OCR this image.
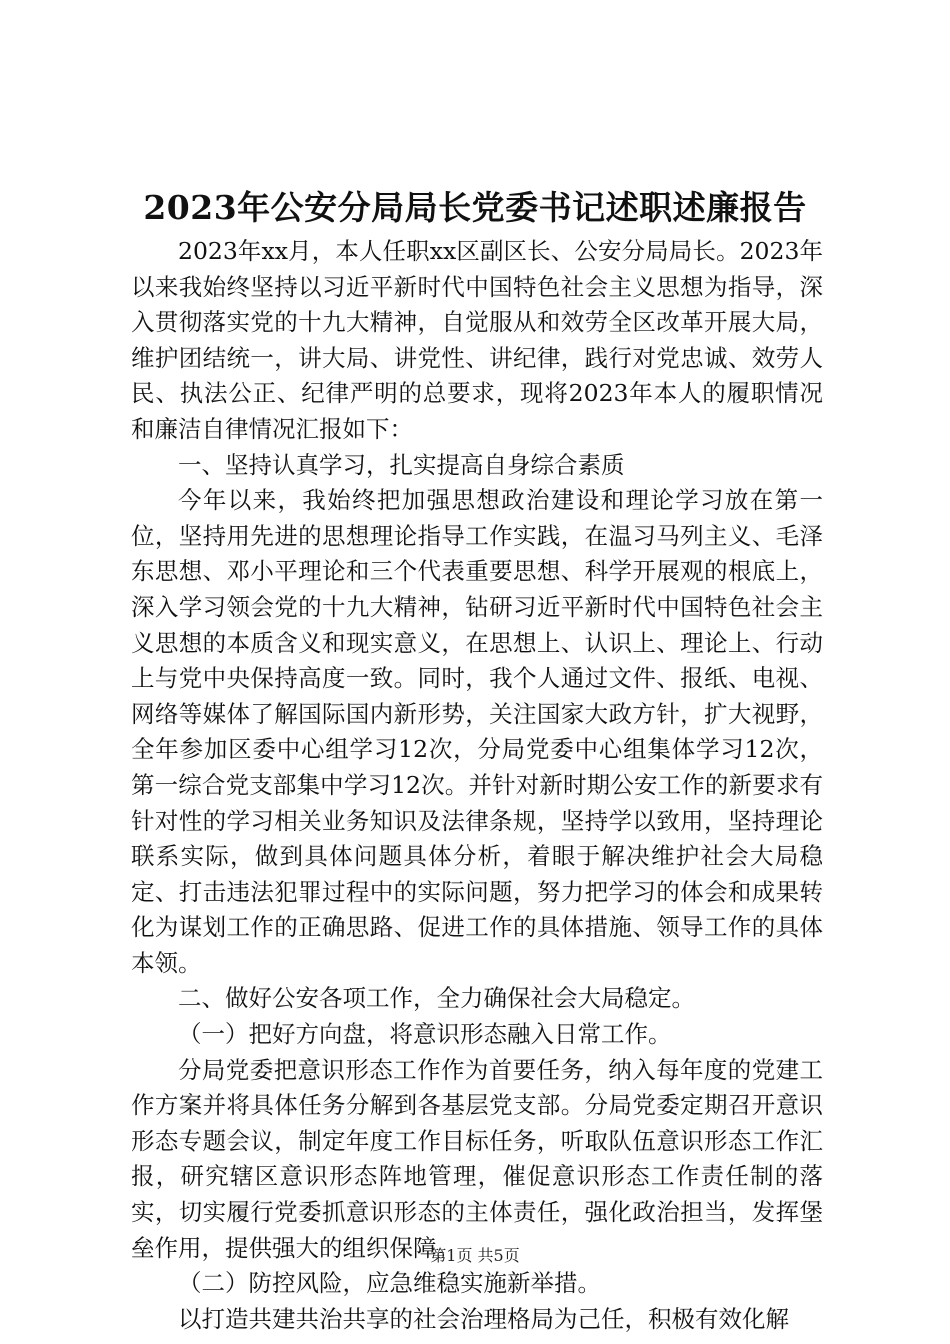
2023年公安分局局长党委书记述职述廉报告

2023年xx月，本人任职xx区副区长、公安分局局长。2023年以来我始终坚持以习近平新时代中国特色社会主义思想为指导，深入贯彻落实党的十九大精神，自觉服从和效劳全区改革开展大局，维护团结统一，讲大局、讲党性、讲纪律，践行对党忠诚、效劳人民、执法公正、纪律严明的总要求，现将2023年本人的履职情况和廉洁自律情况汇报如下：

一、坚持认真学习，扎实提高自身综合素质

今年以来，我始终把加强思想政治建设和理论学习放在第一位，坚持用先进的思想理论指导工作实践，在温习马列主义、毛泽东思想、邓小平理论和三个代表重要思想、科学开展观的根底上，深入学习领会党的十九大精神，钻研习近平新时代中国特色社会主义思想的本质含义和现实意义，在思想上、认识上、理论上、行动上与党中央保持高度一致。同时，我个人通过文件、报纸、电视、网络等媒体了解国际国内新形势，关注国家大政方针，扩大视野，全年参加区委中心组学习12次，分局党委中心组集体学习12次，第一综合党支部集中学习12次。并针对新时期公安工作的新要求有针对性的学习相关业务知识及法律条规，坚持学以致用，坚持理论联系实际，做到具体问题具体分析，着眼于解决维护社会大局稳定、打击违法犯罪过程中的实际问题，努力把学习的体会和成果转化为谋划工作的正确思路、促进工作的具体措施、领导工作的具体本领。

二、做好公安各项工作，全力确保社会大局稳定。

（一）把好方向盘，将意识形态融入日常工作。

分局党委把意识形态工作作为首要任务，纳入每年度的党建工作方案并将具体任务分解到各基层党支部。分局党委定期召开意识形态专题会议，制定年度工作目标任务，听取队伍意识形态工作汇报，研究辖区意识形态阵地管理，催促意识形态工作责任制的落实，切实履行党委抓意识形态的主体责任，强化政治担当，发挥堡垒作用，提供强大的组织保障。

（二）防控风险，应急维稳实施新举措。

以打造共建共治共享的社会治理格局为己任，积极有效化解

第1页 共5页
